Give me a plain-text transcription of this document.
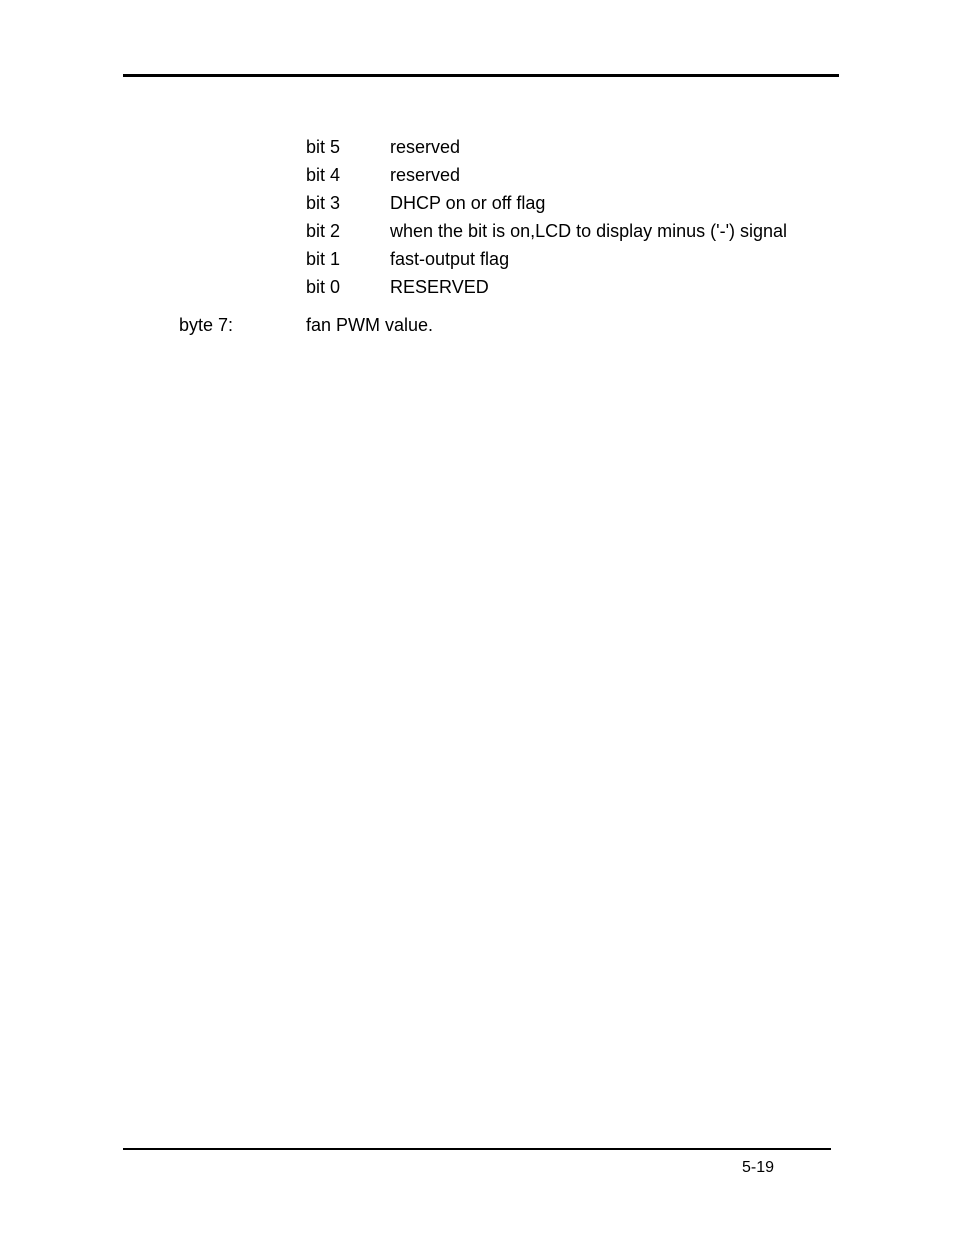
bit 5	reserved
bit 4	reserved
bit 3	DHCP on or off flag
bit 2	when the bit is on,LCD to display minus ('-') signal
bit 1	fast-output flag
bit 0	RESERVED
byte 7:	fan PWM value.
5-19
